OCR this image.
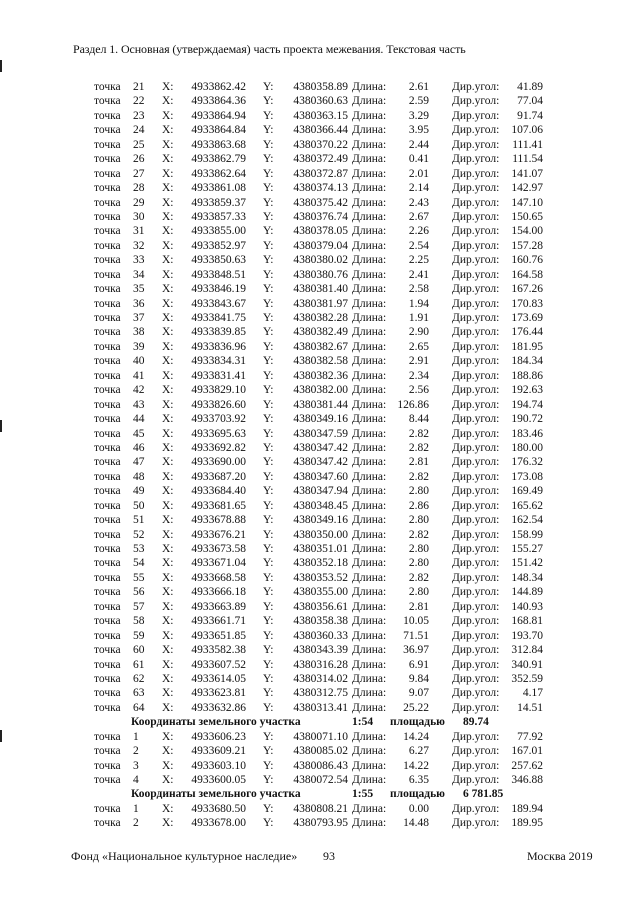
Раздел 1. Основная (утверждаемая) часть проекта межевания. Текстовая часть
точка 21 X: 4933862.42 Y: 4380358.89 Длина: 2.61 Дир.угол: 41.89
точка 22 X: 4933864.36 Y: 4380360.63 Длина: 2.59 Дир.угол: 77.04
точка 23 X: 4933864.94 Y: 4380363.15 Длина: 3.29 Дир.угол: 91.74
точка 24 X: 4933864.84 Y: 4380366.44 Длина: 3.95 Дир.угол: 107.06
точка 25 X: 4933863.68 Y: 4380370.22 Длина: 2.44 Дир.угол: 111.41
точка 26 X: 4933862.79 Y: 4380372.49 Длина: 0.41 Дир.угол: 111.54
точка 27 X: 4933862.64 Y: 4380372.87 Длина: 2.01 Дир.угол: 141.07
точка 28 X: 4933861.08 Y: 4380374.13 Длина: 2.14 Дир.угол: 142.97
точка 29 X: 4933859.37 Y: 4380375.42 Длина: 2.43 Дир.угол: 147.10
точка 30 X: 4933857.33 Y: 4380376.74 Длина: 2.67 Дир.угол: 150.65
точка 31 X: 4933855.00 Y: 4380378.05 Длина: 2.26 Дир.угол: 154.00
точка 32 X: 4933852.97 Y: 4380379.04 Длина: 2.54 Дир.угол: 157.28
точка 33 X: 4933850.63 Y: 4380380.02 Длина: 2.25 Дир.угол: 160.76
точка 34 X: 4933848.51 Y: 4380380.76 Длина: 2.41 Дир.угол: 164.58
точка 35 X: 4933846.19 Y: 4380381.40 Длина: 2.58 Дир.угол: 167.26
точка 36 X: 4933843.67 Y: 4380381.97 Длина: 1.94 Дир.угол: 170.83
точка 37 X: 4933841.75 Y: 4380382.28 Длина: 1.91 Дир.угол: 173.69
точка 38 X: 4933839.85 Y: 4380382.49 Длина: 2.90 Дир.угол: 176.44
точка 39 X: 4933836.96 Y: 4380382.67 Длина: 2.65 Дир.угол: 181.95
точка 40 X: 4933834.31 Y: 4380382.58 Длина: 2.91 Дир.угол: 184.34
точка 41 X: 4933831.41 Y: 4380382.36 Длина: 2.34 Дир.угол: 188.86
точка 42 X: 4933829.10 Y: 4380382.00 Длина: 2.56 Дир.угол: 192.63
точка 43 X: 4933826.60 Y: 4380381.44 Длина: 126.86 Дир.угол: 194.74
точка 44 X: 4933703.92 Y: 4380349.16 Длина: 8.44 Дир.угол: 190.72
точка 45 X: 4933695.63 Y: 4380347.59 Длина: 2.82 Дир.угол: 183.46
точка 46 X: 4933692.82 Y: 4380347.42 Длина: 2.82 Дир.угол: 180.00
точка 47 X: 4933690.00 Y: 4380347.42 Длина: 2.81 Дир.угол: 176.32
точка 48 X: 4933687.20 Y: 4380347.60 Длина: 2.82 Дир.угол: 173.08
точка 49 X: 4933684.40 Y: 4380347.94 Длина: 2.80 Дир.угол: 169.49
точка 50 X: 4933681.65 Y: 4380348.45 Длина: 2.86 Дир.угол: 165.62
точка 51 X: 4933678.88 Y: 4380349.16 Длина: 2.80 Дир.угол: 162.54
точка 52 X: 4933676.21 Y: 4380350.00 Длина: 2.82 Дир.угол: 158.99
точка 53 X: 4933673.58 Y: 4380351.01 Длина: 2.80 Дир.угол: 155.27
точка 54 X: 4933671.04 Y: 4380352.18 Длина: 2.80 Дир.угол: 151.42
точка 55 X: 4933668.58 Y: 4380353.52 Длина: 2.82 Дир.угол: 148.34
точка 56 X: 4933666.18 Y: 4380355.00 Длина: 2.80 Дир.угол: 144.89
точка 57 X: 4933663.89 Y: 4380356.61 Длина: 2.81 Дир.угол: 140.93
точка 58 X: 4933661.71 Y: 4380358.38 Длина: 10.05 Дир.угол: 168.81
точка 59 X: 4933651.85 Y: 4380360.33 Длина: 71.51 Дир.угол: 193.70
точка 60 X: 4933582.38 Y: 4380343.39 Длина: 36.97 Дир.угол: 312.84
точка 61 X: 4933607.52 Y: 4380316.28 Длина: 6.91 Дир.угол: 340.91
точка 62 X: 4933614.05 Y: 4380314.02 Длина: 9.84 Дир.угол: 352.59
точка 63 X: 4933623.81 Y: 4380312.75 Длина: 9.07 Дир.угол: 4.17
точка 64 X: 4933632.86 Y: 4380313.41 Длина: 25.22 Дир.угол: 14.51
Координаты земельного участка	1:54 площадью 89.74
точка 1 X: 4933606.23 Y: 4380071.10 Длина: 14.24 Дир.угол: 77.92
точка 2 X: 4933609.21 Y: 4380085.02 Длина: 6.27 Дир.угол: 167.01
точка 3 X: 4933603.10 Y: 4380086.43 Длина: 14.22 Дир.угол: 257.62
точка 4 X: 4933600.05 Y: 4380072.54 Длина: 6.35 Дир.угол: 346.88
Координаты земельного участка	1:55 площадью 6 781.85
точка 1 X: 4933680.50 Y: 4380808.21 Длина: 0.00 Дир.угол: 189.94
точка 2 X: 4933678.00 Y: 4380793.95 Длина: 14.48 Дир.угол: 189.95
Фонд «Национальное культурное наследие» 93	Москва 2019
